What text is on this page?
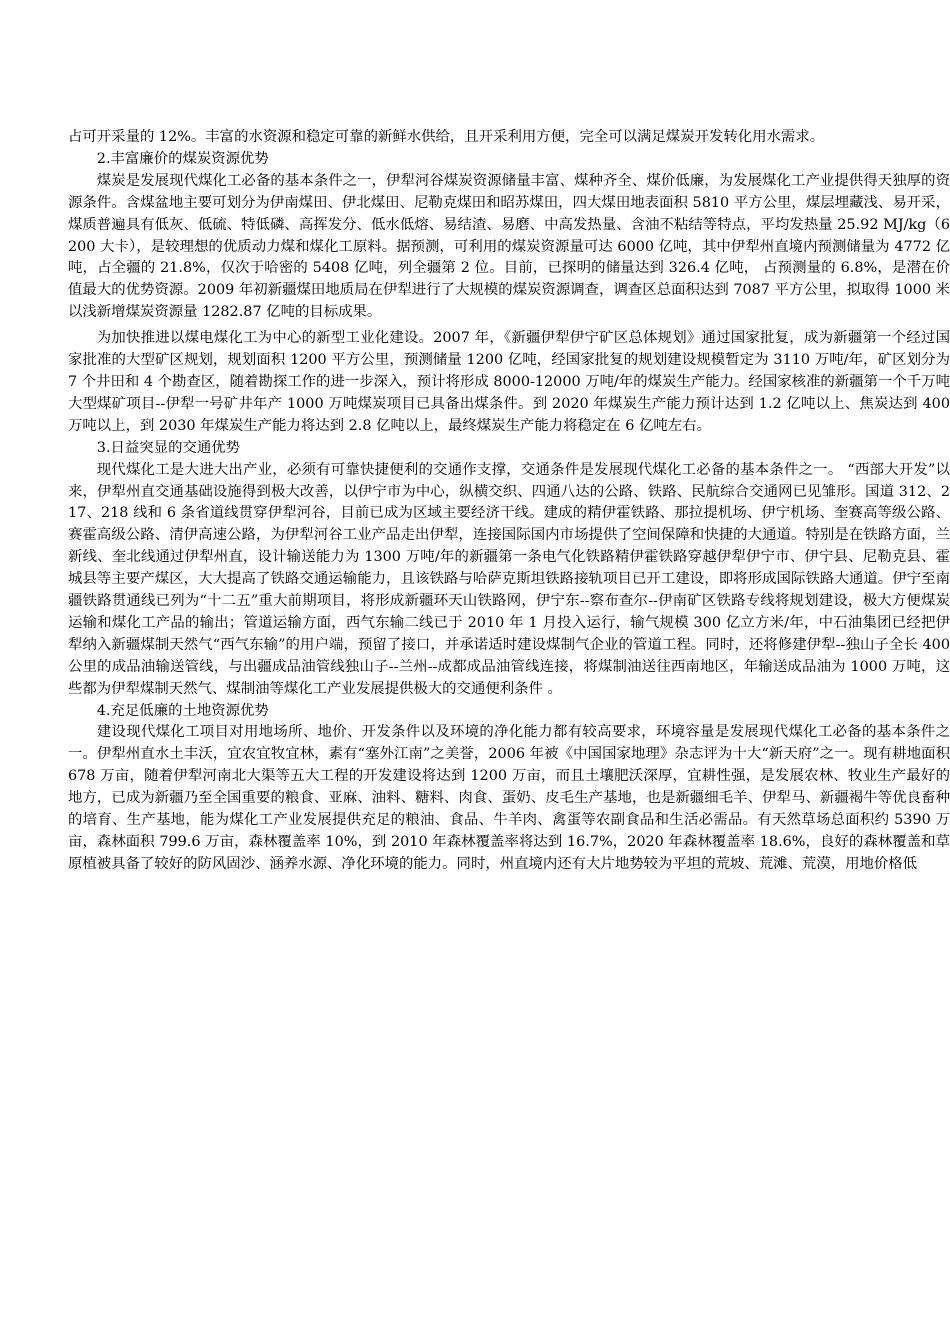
占可开采量的 12%。丰富的水资源和稳定可靠的新鲜水供给，且开采利用方便，完全可以满足煤炭开发转化用水需求。

2.丰富廉价的煤炭资源优势

煤炭是发展现代煤化工必备的基本条件之一，伊犁河谷煤炭资源储量丰富、煤种齐全、煤价低廉，为发展煤化工产业提供得天独厚的资源条件。含煤盆地主要可划分为伊南煤田、伊北煤田、尼勒克煤田和昭苏煤田，四大煤田地表面积 5810 平方公里，煤层埋藏浅、易开采，煤质普遍具有低灰、低硫、特低磷、高挥发分、低水低熔、易结渣、易磨、中高发热量、含油不粘结等特点，平均发热量 25.92 MJ/kg（6200 大卡），是较理想的优质动力煤和煤化工原料。据预测，可利用的煤炭资源量可达 6000 亿吨，其中伊犁州直境内预测储量为 4772 亿吨，占全疆的 21.8%，仅次于哈密的 5408 亿吨，列全疆第 2 位。目前，已探明的储量达到 326.4 亿吨， 占预测量的 6.8%，是潜在价值最大的优势资源。2009 年初新疆煤田地质局在伊犁进行了大规模的煤炭资源调查，调查区总面积达到 7087 平方公里，拟取得 1000 米以浅新增煤炭资源量 1282.87 亿吨的目标成果。

为加快推进以煤电煤化工为中心的新型工业化建设。2007 年，《新疆伊犁伊宁矿区总体规划》通过国家批复，成为新疆第一个经过国家批准的大型矿区规划，规划面积 1200 平方公里，预测储量 1200 亿吨，经国家批复的规划建设规模暂定为 3110 万吨/年，矿区划分为 7 个井田和 4 个勘查区，随着勘探工作的进一步深入，预计将形成 8000-12000 万吨/年的煤炭生产能力。经国家核准的新疆第一个千万吨大型煤矿项目--伊犁一号矿井年产 1000 万吨煤炭项目已具备出煤条件。到 2020 年煤炭生产能力预计达到 1.2 亿吨以上、焦炭达到 400 万吨以上，到 2030 年煤炭生产能力将达到 2.8 亿吨以上，最终煤炭生产能力将稳定在 6 亿吨左右。

3.日益突显的交通优势

现代煤化工是大进大出产业，必须有可靠快捷便利的交通作支撑，交通条件是发展现代煤化工必备的基本条件之一。 “西部大开发”以来，伊犁州直交通基础设施得到极大改善，以伊宁市为中心，纵横交织、四通八达的公路、铁路、民航综合交通网已见雏形。国道 312、217、218 线和 6 条省道线贯穿伊犁河谷，目前已成为区域主要经济干线。建成的精伊霍铁路、那拉提机场、伊宁机场、奎赛高等级公路、赛霍高级公路、清伊高速公路，为伊犁河谷工业产品走出伊犁，连接国际国内市场提供了空间保障和快捷的大通道。特别是在铁路方面，兰新线、奎北线通过伊犁州直，设计输送能力为 1300 万吨/年的新疆第一条电气化铁路精伊霍铁路穿越伊犁伊宁市、伊宁县、尼勒克县、霍城县等主要产煤区，大大提高了铁路交通运输能力，且该铁路与哈萨克斯坦铁路接轨项目已开工建设，即将形成国际铁路大通道。伊宁至南疆铁路贯通线已列为“十二五”重大前期项目，将形成新疆环天山铁路网，伊宁东--察布查尔--伊南矿区铁路专线将规划建设，极大方便煤炭运输和煤化工产品的输出；管道运输方面，西气东输二线已于 2010 年 1 月投入运行，输气规模 300 亿立方米/年，中石油集团已经把伊犁纳入新疆煤制天然气“西气东输”的用户端，预留了接口，并承诺适时建设煤制气企业的管道工程。同时，还将修建伊犁--独山子全长 400 公里的成品油输送管线，与出疆成品油管线独山子--兰州--成都成品油管线连接，将煤制油送往西南地区，年输送成品油为 1000 万吨，这些都为伊犁煤制天然气、煤制油等煤化工产业发展提供极大的交通便利条件 。

4.充足低廉的土地资源优势

建设现代煤化工项目对用地场所、地价、开发条件以及环境的净化能力都有较高要求，环境容量是发展现代煤化工必备的基本条件之一。伊犁州直水土丰沃，宜农宜牧宜林，素有“塞外江南”之美誉，2006 年被《中国国家地理》杂志评为十大“新天府”之一。现有耕地面积 678 万亩，随着伊犁河南北大渠等五大工程的开发建设将达到 1200 万亩，而且土壤肥沃深厚，宜耕性强，是发展农林、牧业生产最好的地方，已成为新疆乃至全国重要的粮食、亚麻、油料、糖料、肉食、蛋奶、皮毛生产基地，也是新疆细毛羊、伊犁马、新疆褐牛等优良畜种的培育、生产基地，能为煤化工产业发展提供充足的粮油、食品、牛羊肉、禽蛋等农副食品和生活必需品。有天然草场总面积约 5390 万亩，森林面积 799.6 万亩，森林覆盖率 10%，到 2010 年森林覆盖率将达到 16.7%，2020 年森林覆盖率 18.6%，良好的森林覆盖和草原植被具备了较好的防风固沙、涵养水源、净化环境的能力。同时，州直境内还有大片地势较为平坦的荒坡、荒滩、荒漠，用地价格低
